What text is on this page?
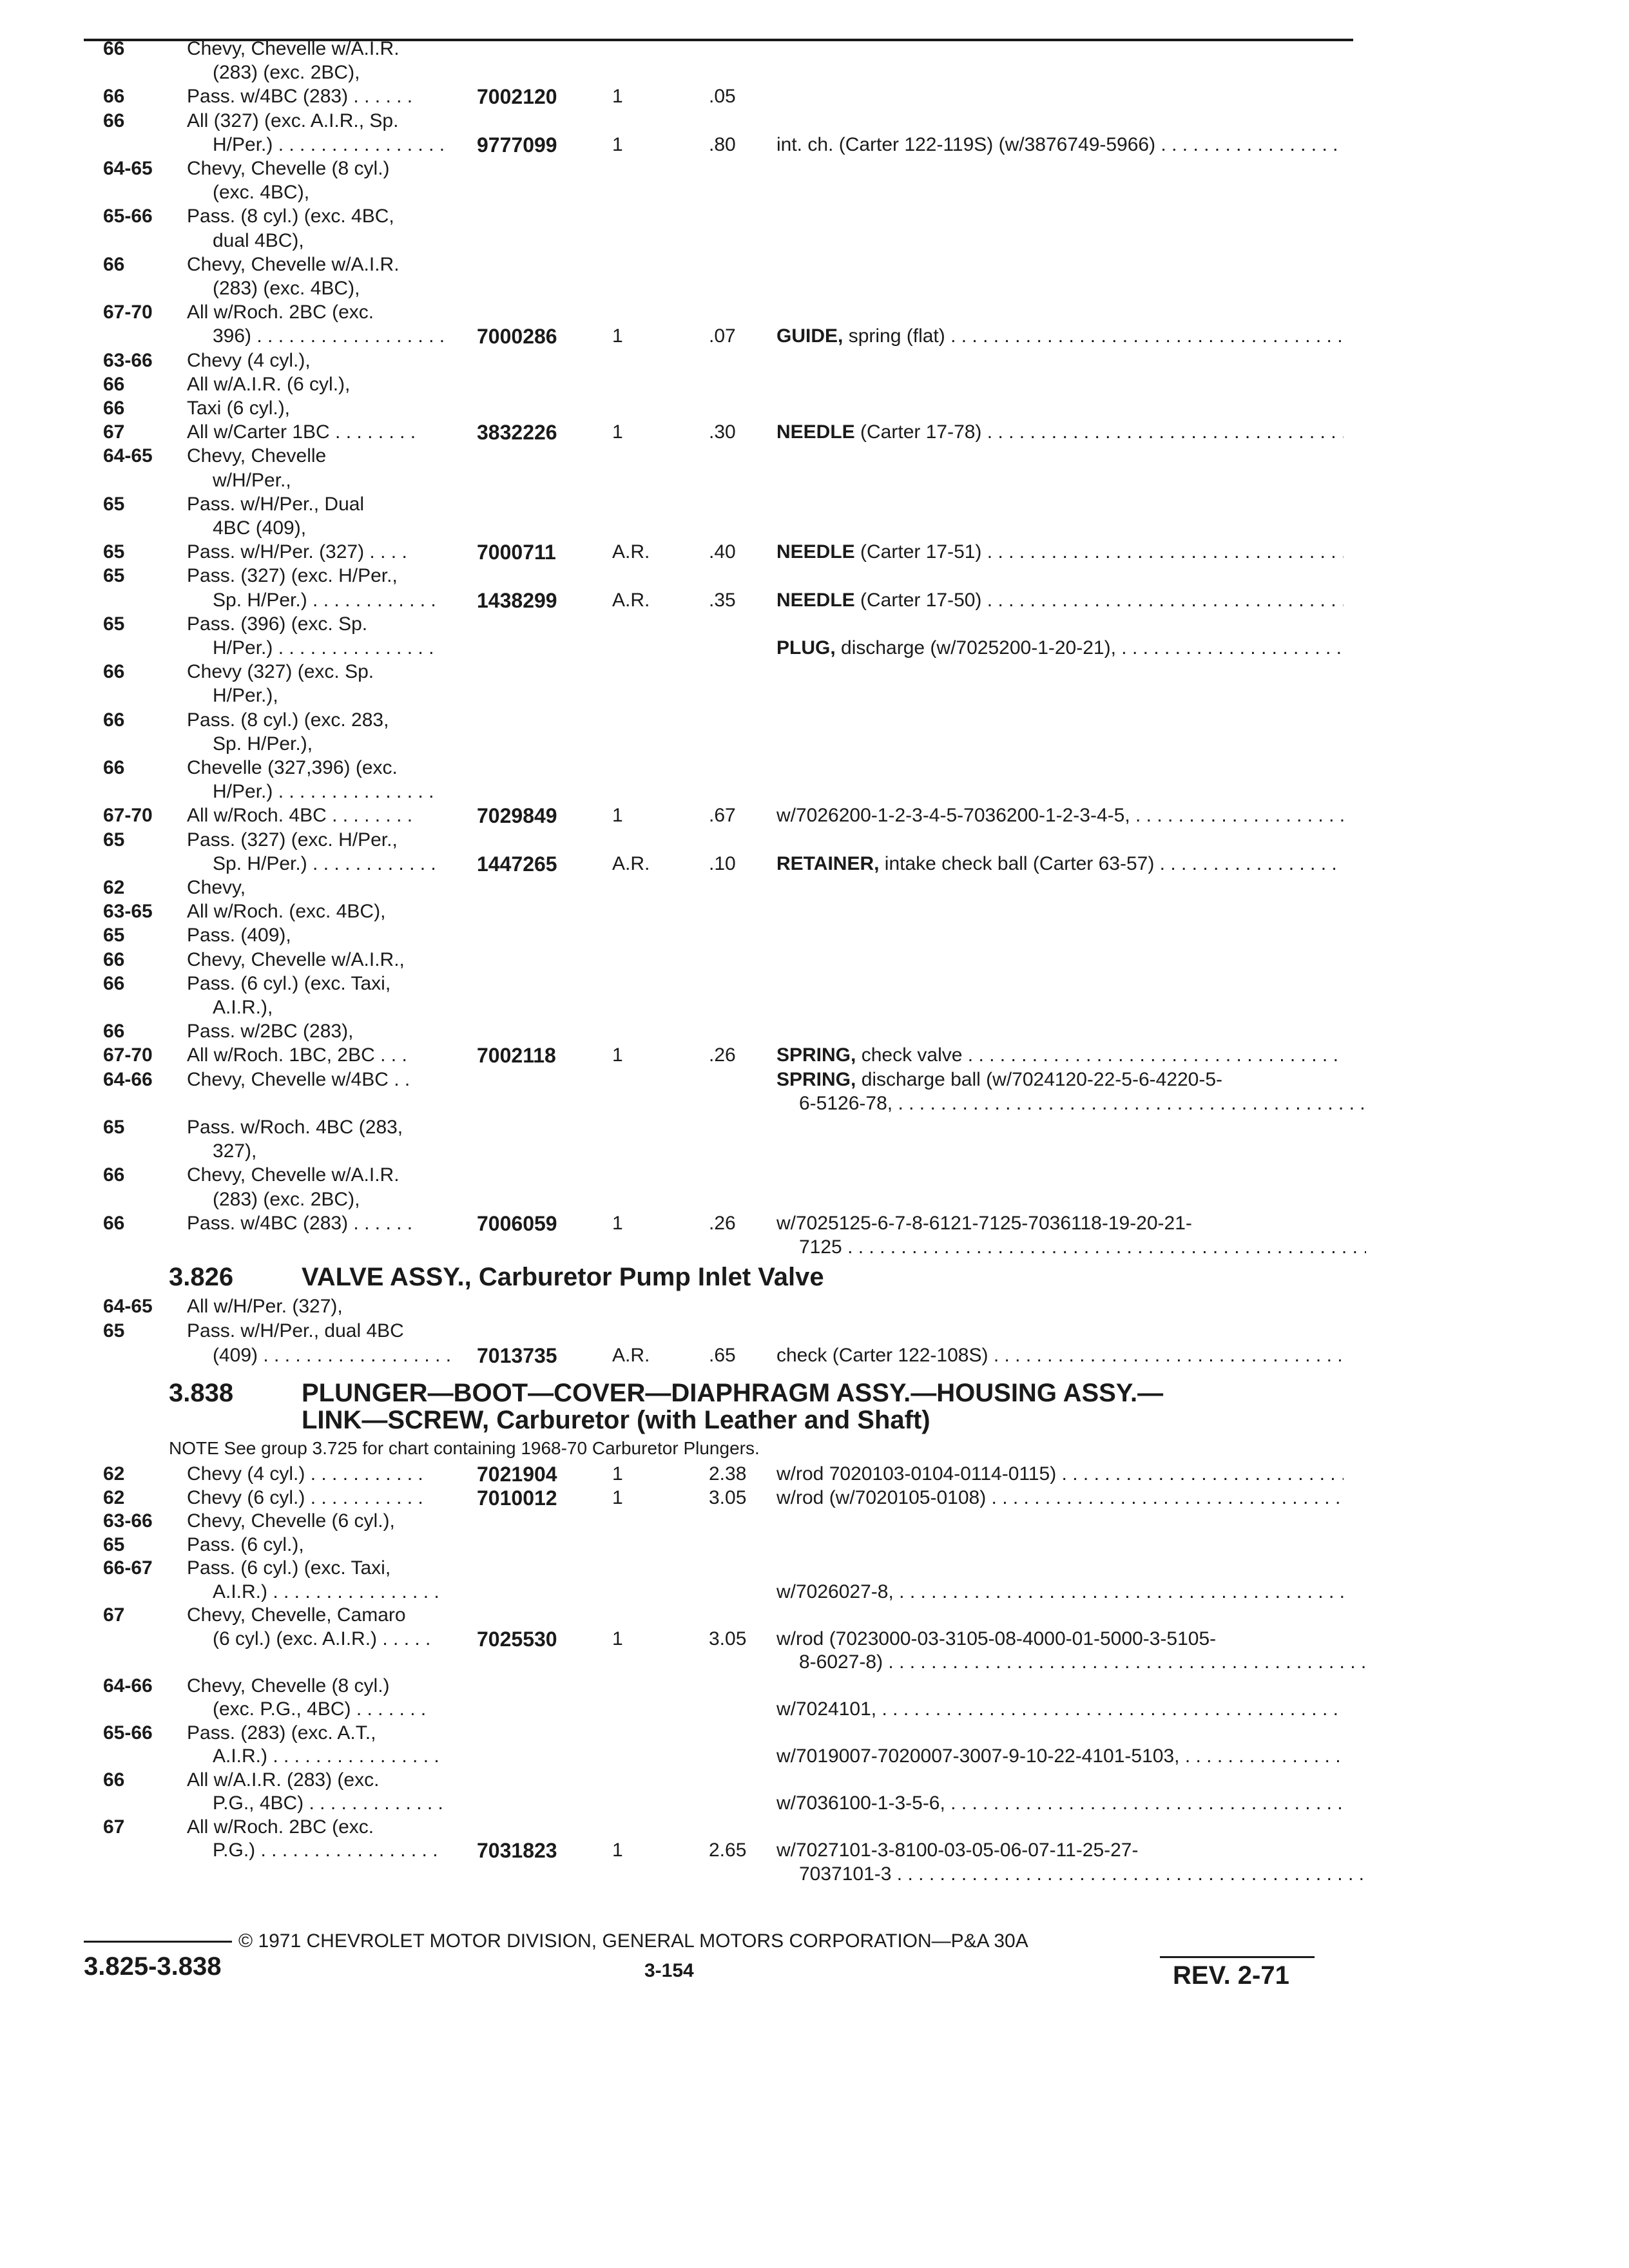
66	Chevy, Chevelle w/A.I.R.
(283) (exc. 2BC),
66	Pass. w/4BC (283) . . . . . .	7002120	1	.05
66	All (327) (exc. A.I.R., Sp.
H/Per.) . . . . . . . . . . . . . . . . 9777099	1	.80 int. ch. (Carter 122-119S) (w/3876749-5966) . . .
64-65 Chevy, Chevelle (8 cyl.)
(exc. 4BC),
65-66 Pass. (8 cyl.) (exc. 4BC,
dual 4BC),
66	Chevy, Chevelle w/A.I.R.
(283) (exc. 4BC),
67-70 All w/Roch. 2BC (exc.
396) . . . . . . . . . . . . . . . . . . 7000286	1	.07 GUIDE, spring (flat) . . .
63-66 Chevy (4 cyl.),
66	All w/A.I.R. (6 cyl.),
66	Taxi (6 cyl.),
67	All w/Carter 1BC . . . . . . . .	3832226	1	.30 NEEDLE (Carter 17-78) . . .
64-65 Chevy, Chevelle
w/H/Per.,
65	Pass. w/H/Per., Dual
4BC (409),
65	Pass. w/H/Per. (327) . . . .	7000711	A.R.	.40 NEEDLE (Carter 17-51) . . .
65	Pass. (327) (exc. H/Per.,
Sp. H/Per.) . . . . . . . . . . . . 1438299	A.R.	.35 NEEDLE (Carter 17-50) . . .
65	Pass. (396) (exc. Sp.
H/Per.) . . . . . . . . . . . . . . .	PLUG, discharge (w/7025200-1-20-21), . . .
66	Chevy (327) (exc. Sp.
H/Per.),
66	Pass. (8 cyl.) (exc. 283,
Sp. H/Per.),
66	Chevelle (327,396) (exc.
H/Per.) . . . . . . . . . . . . . . .
67-70 All w/Roch. 4BC . . . . . . . .	7029849	1	.67 w/7026200-1-2-3-4-5-7036200-1-2-3-4-5, . . .
65	Pass. (327) (exc. H/Per.,
Sp. H/Per.) . . . . . . . . . . . . 1447265	A.R.	.10 RETAINER, intake check ball (Carter 63-57) . . .
62	Chevy,
63-65 All w/Roch. (exc. 4BC),
65	Pass. (409),
66	Chevy, Chevelle w/A.I.R.,
66	Pass. (6 cyl.) (exc. Taxi,
A.I.R.),
66	Pass. w/2BC (283),
67-70 All w/Roch. 1BC, 2BC . . .	7002118	1	.26 SPRING, check valve . . .
64-66 Chevy, Chevelle w/4BC . .	SPRING, discharge ball (w/7024120-22-5-6-4220-5-
6-5126-78, . . .
65	Pass. w/Roch. 4BC (283,
327),
66	Chevy, Chevelle w/A.I.R.
(283) (exc. 2BC),
66	Pass. w/4BC (283) . . . . . .	7006059	1	.26 w/7025125-6-7-8-6121-7125-7036118-19-20-21-
7125 . . .
3.826	VALVE ASSY., Carburetor Pump Inlet Valve
64-65 All w/H/Per. (327),
65	Pass. w/H/Per., dual 4BC
(409) . . . . . . . . . . . . . . . . . . 7013735	A.R.	.65 check (Carter 122-108S) . . .
3.838	PLUNGER—BOOT—COVER—DIAPHRAGM ASSY.—HOUSING ASSY.—
LINK—SCREW, Carburetor (with Leather and Shaft)
NOTE See group 3.725 for chart containing 1968-70 Carburetor Plungers.
62	Chevy (4 cyl.) . . . . . . . . . . .	7021904	1	2.38 w/rod 7020103-0104-0114-0115) . . .
62	Chevy (6 cyl.) . . . . . . . . . . .	7010012	1	3.05 w/rod (w/7020105-0108) . . .
63-66 Chevy, Chevelle (6 cyl.),
65	Pass. (6 cyl.),
66-67 Pass. (6 cyl.) (exc. Taxi,
A.I.R.) . . . . . . . . . . . . . . . .	w/7026027-8, . . .
67	Chevy, Chevelle, Camaro
(6 cyl.) (exc. A.I.R.) . . . . . 7025530	1	3.05 w/rod (7023000-03-3105-08-4000-01-5000-3-5105-
8-6027-8) . . .
64-66 Chevy, Chevelle (8 cyl.)
(exc. P.G., 4BC) . . . . . . .	w/7024101, . . .
65-66 Pass. (283) (exc. A.T.,
A.I.R.) . . . . . . . . . . . . . . . .	w/7019007-7020007-3007-9-10-22-4101-5103, . . .
66	All w/A.I.R. (283) (exc.
P.G., 4BC) . . . . . . . . . . . . .	w/7036100-1-3-5-6, . . .
67	All w/Roch. 2BC (exc.
P.G.) . . . . . . . . . . . . . . . . . 7031823	1	2.65 w/7027101-3-8100-03-05-06-07-11-25-27-
7037101-3 . . .
© 1971 CHEVROLET MOTOR DIVISION, GENERAL MOTORS CORPORATION—P&A 30A
3.825-3.838	3-154	REV. 2-71
